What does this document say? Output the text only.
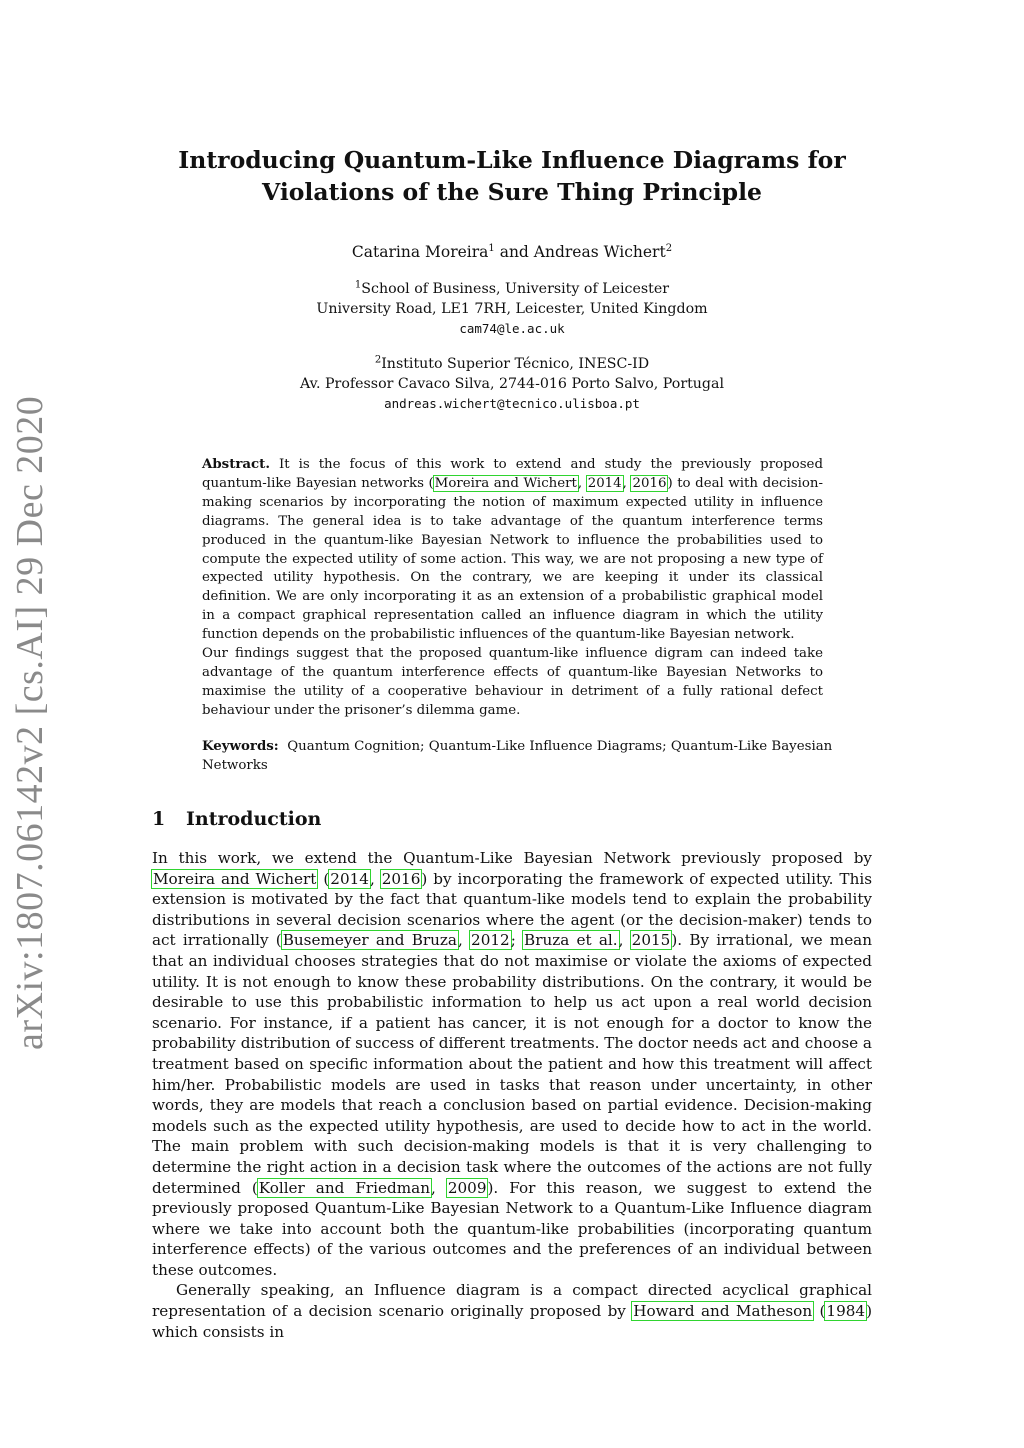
arXiv:1807.06142v2 [cs.AI] 29 Dec 2020
Introducing Quantum-Like Influence Diagrams for
Violations of the Sure Thing Principle
Catarina Moreira$^1$ and Andreas Wichert$^2$
$^1$School of Business, University of Leicester
University Road, LE1 7RH, Leicester, United Kingdom
cam74@le.ac.uk
$^2$Instituto Superior Técnico, INESC-ID
Av. Professor Cavaco Silva, 2744-016 Porto Salvo, Portugal
andreas.wichert@tecnico.ulisboa.pt

Abstract. It is the focus of this work to extend and study the previously proposed quantum-like Bayesian networks (Moreira and Wichert, 2014, 2016) to deal with decision-making scenarios by incorporating the notion of maximum expected utility in influence diagrams. The general idea is to take advantage of the quantum interference terms produced in the quantum-like Bayesian Network to influence the probabilities used to compute the expected utility of some action. This way, we are not proposing a new type of expected utility hypothesis. On the contrary, we are keeping it under its classical definition. We are only incorporating it as an extension of a probabilistic graphical model in a compact graphical representation called an influence diagram in which the utility function depends on the probabilistic influences of the quantum-like Bayesian network.

Our findings suggest that the proposed quantum-like influence digram can indeed take advantage of the quantum interference effects of quantum-like Bayesian Networks to maximise the utility of a cooperative behaviour in detriment of a fully rational defect behaviour under the prisoner’s dilemma game.

Keywords: Quantum Cognition; Quantum-Like Influence Diagrams; Quantum-Like Bayesian
Networks
1 Introduction

In this work, we extend the Quantum-Like Bayesian Network previously proposed by Moreira and Wichert (2014, 2016) by incorporating the framework of expected utility. This extension is motivated by the fact that quantum-like models tend to explain the probability distributions in several decision scenarios where the agent (or the decision-maker) tends to act irrationally (Busemeyer and Bruza, 2012; Bruza et al., 2015). By irrational, we mean that an individual chooses strategies that do not maximise or violate the axioms of expected utility. It is not enough to know these probability distributions. On the contrary, it would be desirable to use this probabilistic information to help us act upon a real world decision scenario. For instance, if a patient has cancer, it is not enough for a doctor to know the probability distribution of success of different treatments. The doctor needs act and choose a treatment based on specific information about the patient and how this treatment will affect him/her. Probabilistic models are used in tasks that reason under uncertainty, in other words, they are models that reach a conclusion based on partial evidence. Decision-making models such as the expected utility hypothesis, are used to decide how to act in the world. The main problem with such decision-making models is that it is very challenging to determine the right action in a decision task where the outcomes of the actions are not fully determined (Koller and Friedman, 2009). For this reason, we suggest to extend the previously proposed Quantum-Like Bayesian Network to a Quantum-Like Influence diagram where we take into account both the quantum-like probabilities (incorporating quantum interference effects) of the various outcomes and the preferences of an individual between these outcomes.

Generally speaking, an Influence diagram is a compact directed acyclical graphical representation of a decision scenario originally proposed by Howard and Matheson (1984) which consists in
